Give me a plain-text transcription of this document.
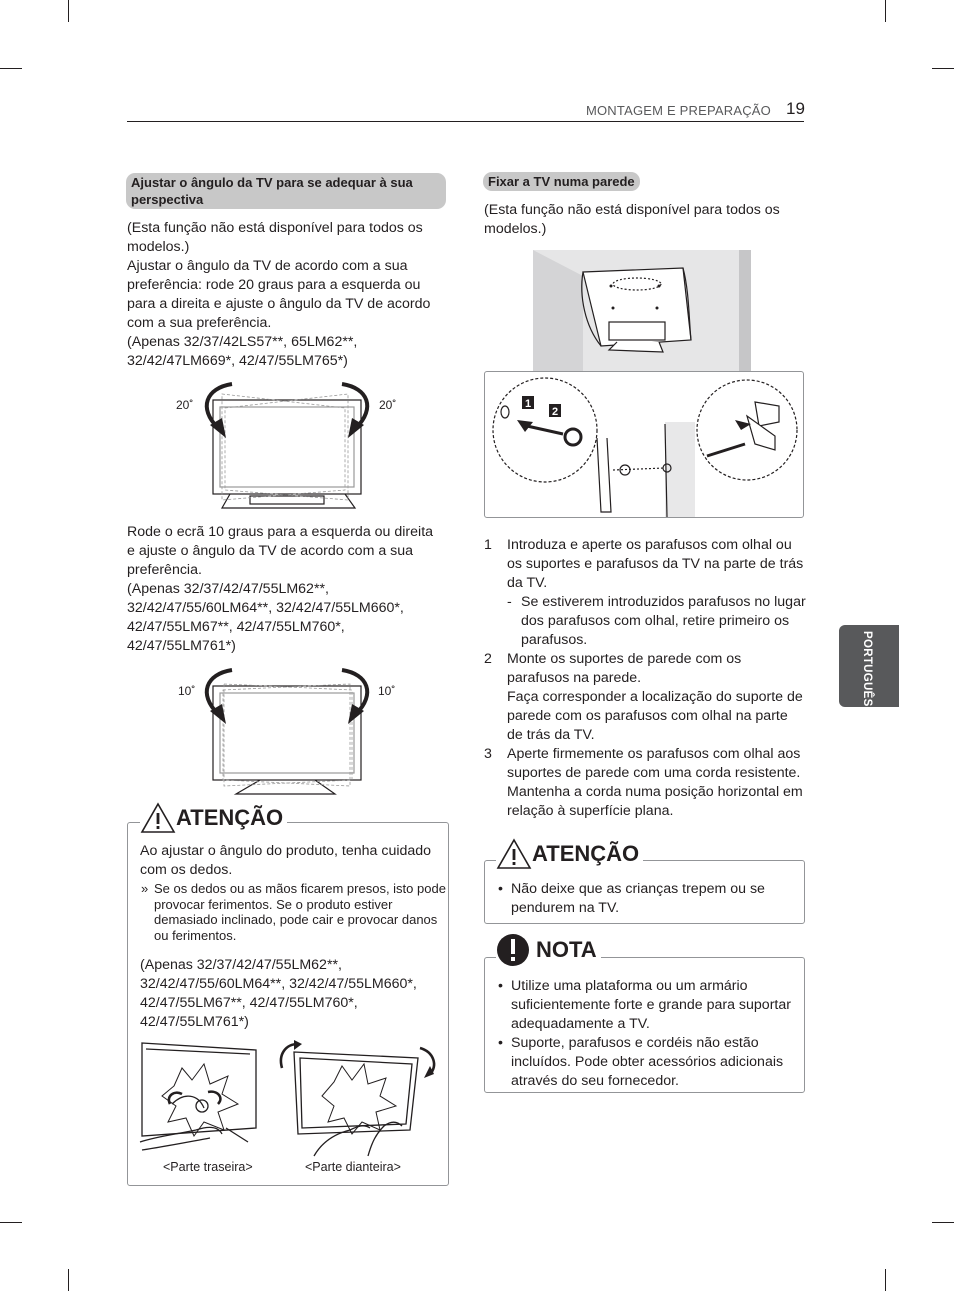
MONTAGEM E PREPARAÇÃO 19
PORTUGUÊS
Ajustar o ângulo da TV para se adequar à sua perspectiva

(Esta função não está disponível para todos os modelos.)

Ajustar o ângulo da TV de acordo com a sua preferência: rode 20 graus para a esquerda ou para a direita e ajuste o ângulo da TV de acordo com a sua preferência.

(Apenas 32/37/42LS57**, 65LM62**, 32/42/47LM669*, 42/47/55LM765*)

20˚	20˚

Rode o ecrã 10 graus para a esquerda ou direita e ajuste o ângulo da TV de acordo com a sua preferência.

(Apenas 32/37/42/47/55LM62**, 32/42/47/55/60LM64**, 32/42/47/55LM660*, 42/47/55LM67**, 42/47/55LM760*, 42/47/55LM761*)

10˚	10˚
ATENÇÃO

Ao ajustar o ângulo do produto, tenha cuidado com os dedos.

» Se os dedos ou as mãos ficarem presos, isto pode provocar ferimentos. Se o produto estiver demasiado inclinado, pode cair e provocar danos ou ferimentos.

(Apenas 32/37/42/47/55LM62**, 32/42/47/55/60LM64**, 32/42/47/55LM660*, 42/47/55LM67**, 42/47/55LM760*, 42/47/55LM761*)

<Parte traseira>	<Parte dianteira>
Fixar a TV numa parede
(Esta função não está disponível para todos os modelos.)
1
2
1 Introduza e aperte os parafusos com olhal ou os suportes e parafusos da TV na parte de trás da TV.
- Se estiverem introduzidos parafusos no lugar dos parafusos com olhal, retire primeiro os parafusos.
2 Monte os suportes de parede com os parafusos na parede.
Faça corresponder a localização do suporte de parede com os parafusos com olhal na parte de trás da TV.
3 Aperte firmemente os parafusos com olhal aos suportes de parede com uma corda resistente. Mantenha a corda numa posição horizontal em relação à superfície plana.
ATENÇÃO
• Não deixe que as crianças trepem ou se pendurem na TV.
NOTA
• Utilize uma plataforma ou um armário suficientemente forte e grande para suportar adequadamente a TV.
• Suporte, parafusos e cordéis não estão incluídos. Pode obter acessórios adicionais através do seu fornecedor.
